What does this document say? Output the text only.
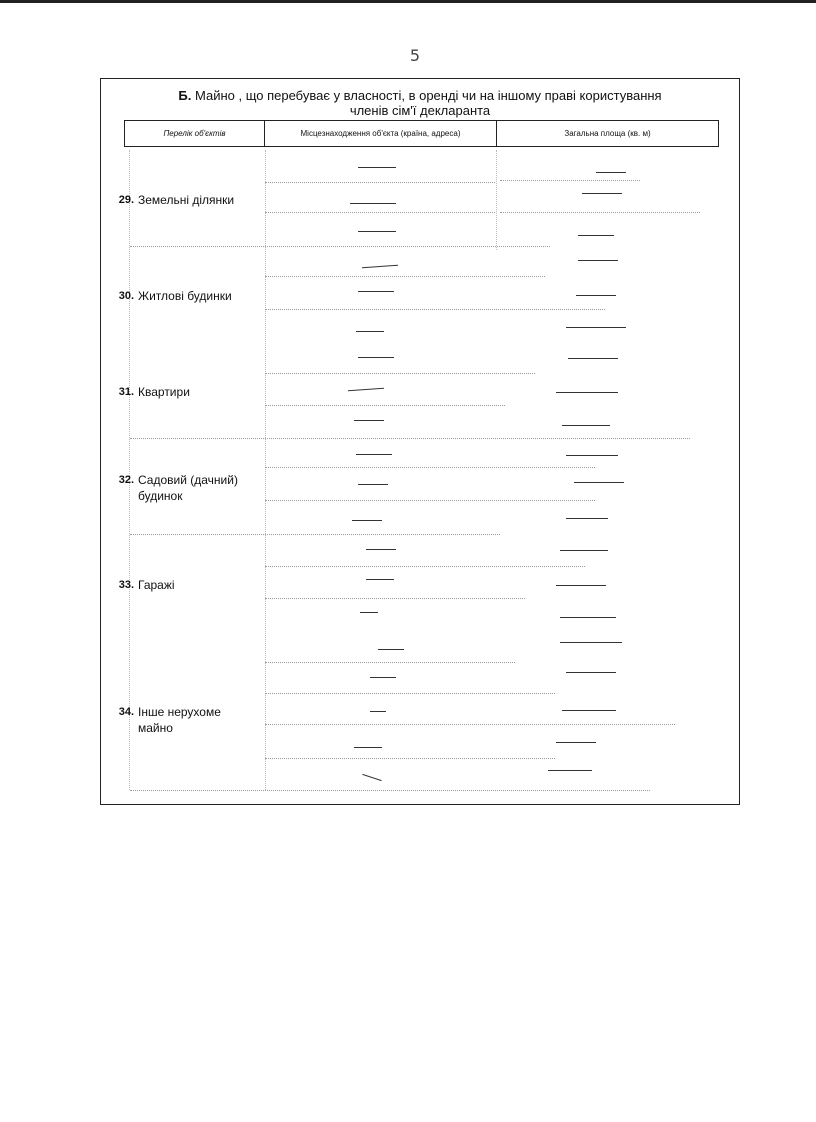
5
Б. Майно , що перебуває у власності, в оренді чи на іншому праві користування
членів сім'ї декларанта
Перелік об'єктів	Місцезнаходження об'єкта (країна, адреса)	Загальна площа (кв. м)
29. Земельні ділянки
30. Житлові будинки
31. Квартири
32. Садовий (дачний) будинок
33. Гаражі
34. Інше нерухоме майно
